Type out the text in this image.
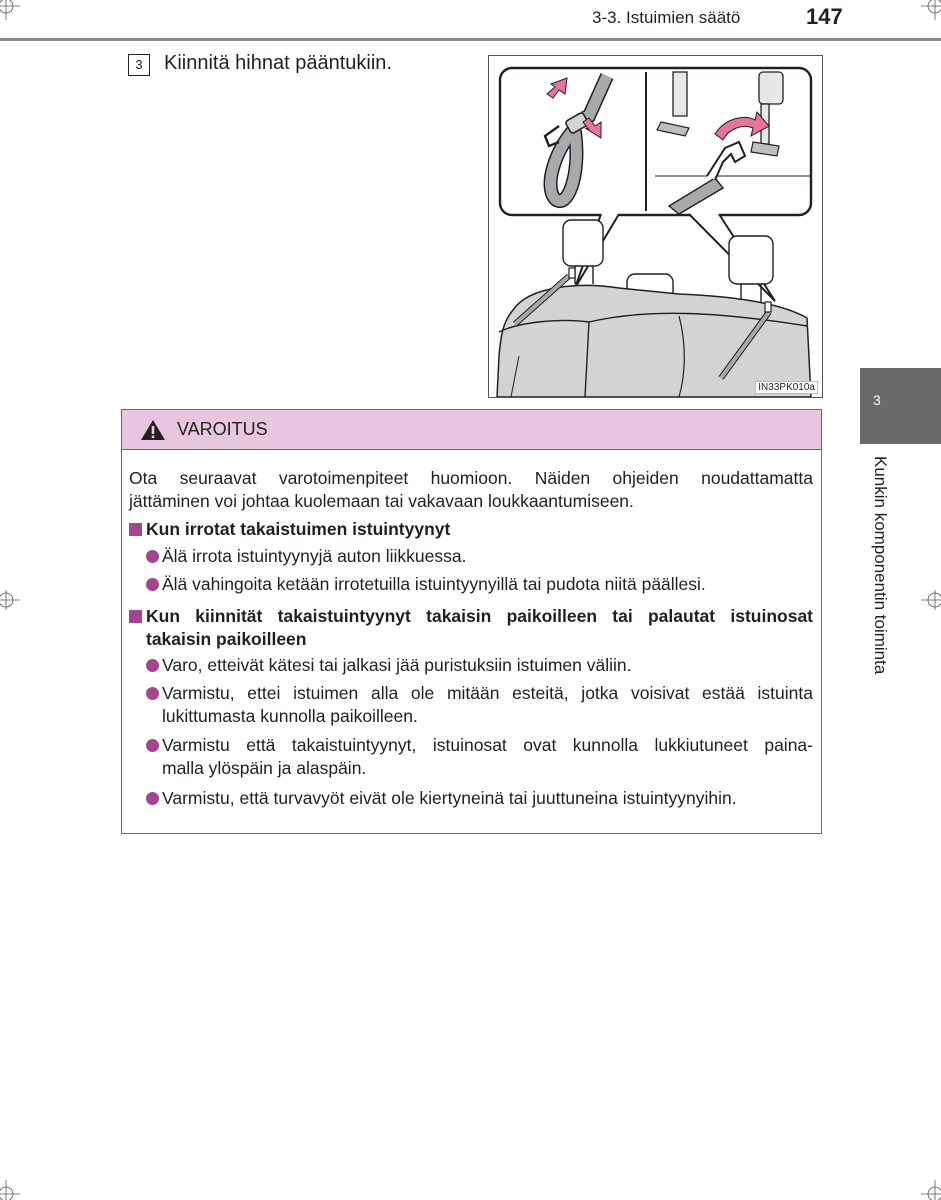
3-3. Istuimien säätö	147
3	Kiinnitä hihnat pääntukiin.
IN33PK010a
VAROITUS
Ota seuraavat varotoimenpiteet huomioon. Näiden ohjeiden noudattamatta
jättäminen voi johtaa kuolemaan tai vakavaan loukkaantumiseen.
Kun irrotat takaistuimen istuintyynyt
Älä irrota istuintyynyjä auton liikkuessa.
Älä vahingoita ketään irrotetuilla istuintyynyillä tai pudota niitä päällesi.
Kun kiinnität takaistuintyynyt takaisin paikoilleen tai palautat istuinosat
takaisin paikoilleen
Varo, etteivät kätesi tai jalkasi jää puristuksiin istuimen väliin.
Varmistu, ettei istuimen alla ole mitään esteitä, jotka voisivat estää istuinta
lukittumasta kunnolla paikoilleen.
Varmistu että takaistuintyynyt, istuinosat ovat kunnolla lukkiutuneet paina-
malla ylöspäin ja alaspäin.
Varmistu, että turvavyöt eivät ole kiertyneinä tai juuttuneina istuintyynyihin.
3
Kunkin komponentin toiminta
